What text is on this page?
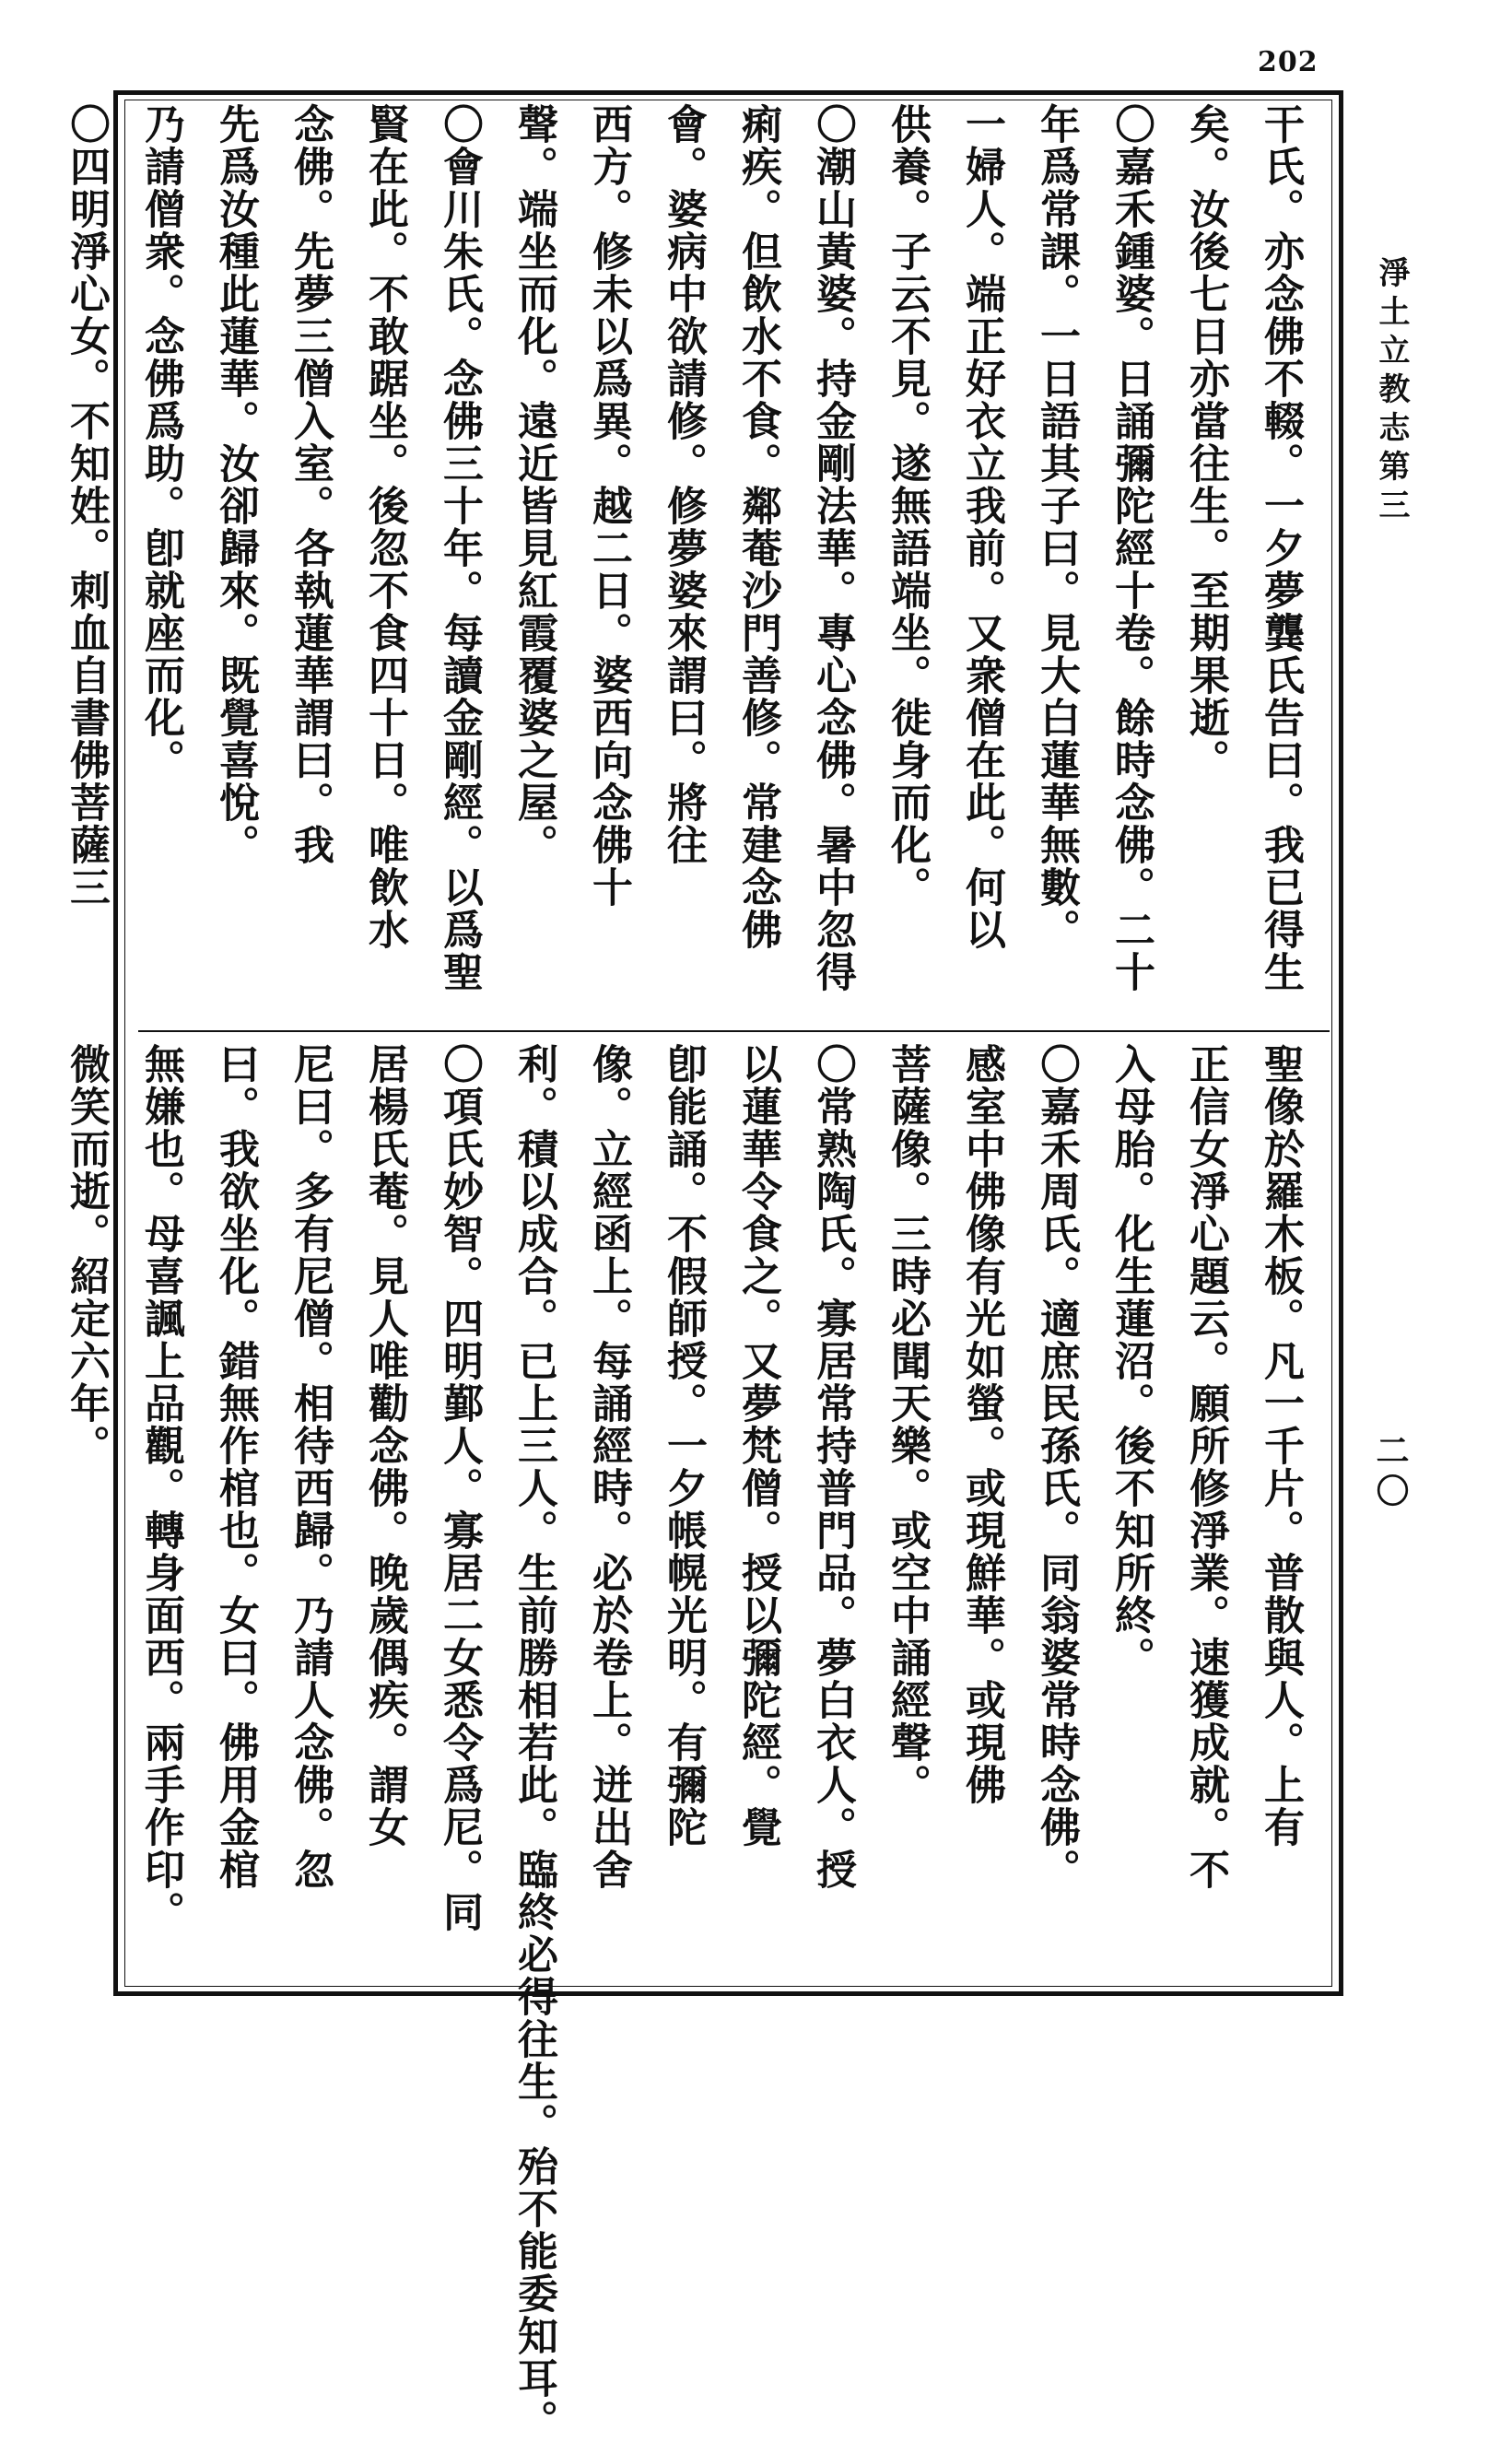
202
淨土立教志第三
二〇

干氏。亦念佛不輟。一夕夢龔氏告曰。我已得生

矣。汝後七日亦當往生。至期果逝。

〇嘉禾鍾婆。日誦彌陀經十卷。餘時念佛。二十

年爲常課。一日語其子曰。見大白蓮華無數。

一婦人。端正好衣立我前。又衆僧在此。何以

供養。子云不見。遂無語端坐。徙身而化。

〇潮山黃婆。持金剛法華。專心念佛。暑中忽得

痢疾。但飲水不食。鄰菴沙門善修。常建念佛

會。婆病中欲請修。修夢婆來謂曰。將往

西方。修未以爲異。越二日。婆西向念佛十

聲。端坐而化。遠近皆見紅霞覆婆之屋。

〇會川朱氏。念佛三十年。每讀金剛經。以爲聖

賢在此。不敢踞坐。後忽不食四十日。唯飲水

念佛。先夢三僧入室。各執蓮華謂曰。我

先爲汝種此蓮華。汝卻歸來。既覺喜悅。

乃請僧衆。念佛爲助。卽就座而化。

〇四明淨心女。不知姓。刺血自書佛菩薩三

聖像於羅木板。凡一千片。普散與人。上有

正信女淨心題云。願所修淨業。速獲成就。不

入母胎。化生蓮沼。後不知所終。

〇嘉禾周氏。適庶民孫氏。同翁婆常時念佛。

感室中佛像有光如螢。或現鮮華。或現佛

菩薩像。三時必聞天樂。或空中誦經聲。

〇常熟陶氏。寡居常持普門品。夢白衣人。授

以蓮華令食之。又夢梵僧。授以彌陀經。覺

卽能誦。不假師授。一夕帳幌光明。有彌陀

像。立經函上。每誦經時。必於卷上。迸出舍

利。積以成合。已上三人。生前勝相若此。臨終必得往生。殆不能委知耳。

〇項氏妙智。四明鄞人。寡居二女悉令爲尼。同

居楊氏菴。見人唯勸念佛。晚歲偶疾。謂女

尼曰。多有尼僧。相待西歸。乃請人念佛。忽

曰。我欲坐化。錯無作棺也。女曰。佛用金棺

無嫌也。母喜諷上品觀。轉身面西。兩手作印。

微笑而逝。紹定六年。
